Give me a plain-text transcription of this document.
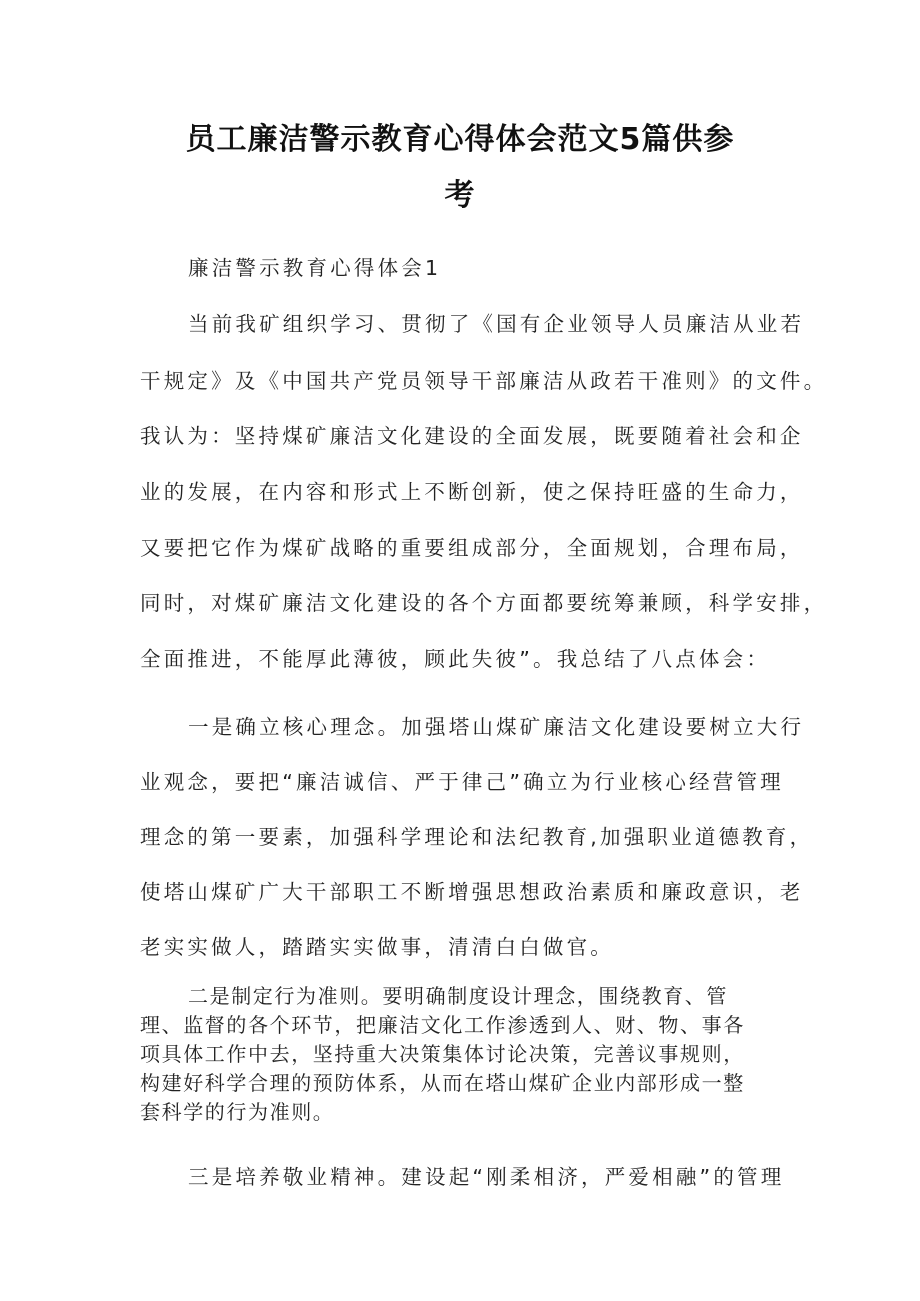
员工廉洁警示教育心得体会范文5篇供参
考
廉洁警示教育心得体会1
当前我矿组织学习、贯彻了《国有企业领导人员廉洁从业若
干规定》及《中国共产党员领导干部廉洁从政若干准则》的文件。
我认为：坚持煤矿廉洁文化建设的全面发展，既要随着社会和企
业的发展，在内容和形式上不断创新，使之保持旺盛的生命力，
又要把它作为煤矿战略的重要组成部分，全面规划，合理布局，
同时，对煤矿廉洁文化建设的各个方面都要统筹兼顾，科学安排，
全面推进，不能厚此薄彼，顾此失彼”。我总结了八点体会：
一是确立核心理念。加强塔山煤矿廉洁文化建设要树立大行
业观念，要把“廉洁诚信、严于律己”确立为行业核心经营管理
理念的第一要素，加强科学理论和法纪教育,加强职业道德教育，
使塔山煤矿广大干部职工不断增强思想政治素质和廉政意识，老
老实实做人，踏踏实实做事，清清白白做官。
二是制定行为准则。要明确制度设计理念，围绕教育、管
理、监督的各个环节，把廉洁文化工作渗透到人、财、物、事各
项具体工作中去，坚持重大决策集体讨论决策，完善议事规则，
构建好科学合理的预防体系，从而在塔山煤矿企业内部形成一整
套科学的行为准则。
三是培养敬业精神。建设起“刚柔相济，严爱相融”的管理
